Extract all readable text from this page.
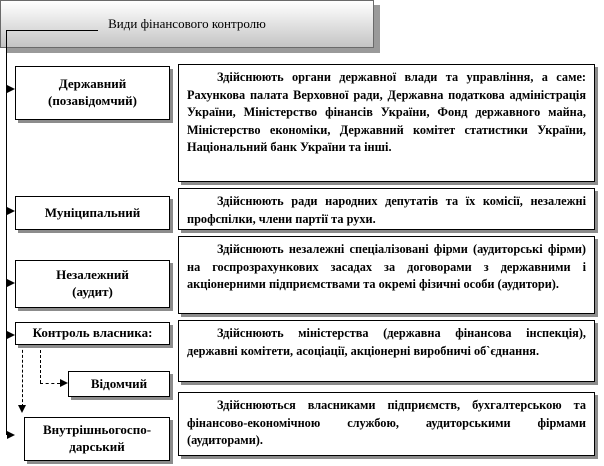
Види фінансового контролю
Державний (позавідомчий)
Муніципальний
Незалежний (аудит)
Контроль власника:
Відомчий
Внутрішньогоспо-дарський
Здійснюють органи державної влади та управління, а саме: Рахункова палата Верховної ради, Державна податкова адміністрація України, Міністерство фінансів України, Фонд державного майна, Міністерство економіки, Державний комітет статистики України, Національний банк України та інші.
Здійснюють ради народних депутатів та їх комісії, незалежні профспілки, члени партії та рухи.
Здійснюють незалежні спеціалізовані фірми (аудиторські фірми) на госпрозрахункових засадах за договорами з державними і акціонерними підприємствами та окремі фізичні особи (аудитори).
Здійснюють міністерства (державна фінансова інспекція), державні комітети, асоціації, акціонерні виробничі об`єднання.
Здійснюються власниками підприємств, бухгалтерською та фінансово-економічною службою, аудиторськими фірмами (аудиторами).
